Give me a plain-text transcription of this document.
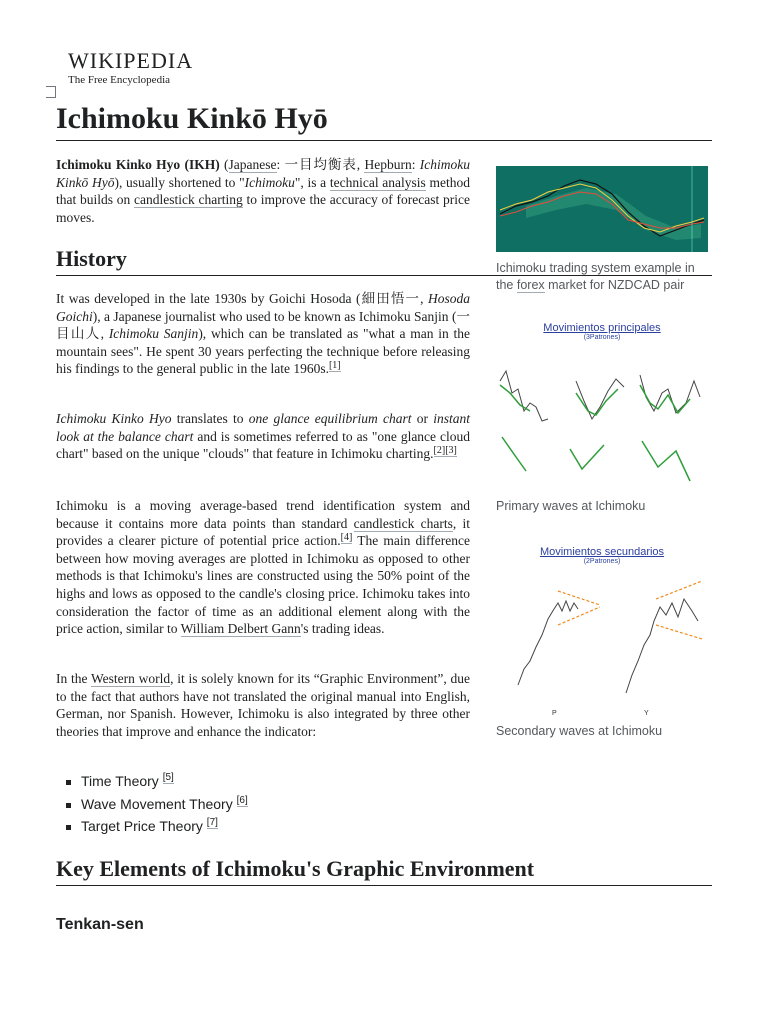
WIKIPEDIA
The Free Encyclopedia
Ichimoku Kinkō Hyō

Ichimoku Kinko Hyo (IKH) (Japanese: 一目均衡表, Hepburn: Ichimoku Kinkō Hyō), usually shortened to "Ichimoku", is a technical analysis method that builds on candlestick charting to improve the accuracy of forecast price moves.

History

It was developed in the late 1930s by Goichi Hosoda (細田悟一, Hosoda Goichi), a Japanese journalist who used to be known as Ichimoku Sanjin (一目山人, Ichimoku Sanjin), which can be translated as "what a man in the mountain sees". He spent 30 years perfecting the technique before releasing his findings to the general public in the late 1960s.[1]

Ichimoku Kinko Hyo translates to one glance equilibrium chart or instant look at the balance chart and is sometimes referred to as "one glance cloud chart" based on the unique "clouds" that feature in Ichimoku charting.[2][3]

Ichimoku is a moving average-based trend identification system and because it contains more data points than standard candlestick charts, it provides a clearer picture of potential price action.[4] The main difference between how moving averages are plotted in Ichimoku as opposed to other methods is that Ichimoku's lines are constructed using the 50% point of the highs and lows as opposed to the candle's closing price. Ichimoku takes into consideration the factor of time as an additional element along with the price action, similar to William Delbert Gann's trading ideas.

In the Western world, it is solely known for its “Graphic Environment”, due to the fact that authors have not translated the original manual into English, German, nor Spanish. However, Ichimoku is also integrated by three other theories that improve and enhance the indicator:

Time Theory [5]
Wave Movement Theory [6]
Target Price Theory [7]
Key Elements of Ichimoku's Graphic Environment
Tenkan-sen
Ichimoku trading system example in the forex market for NZDCAD pair
Movimientos principales
(3Patrones)
Primary waves at Ichimoku
Movimientos secundarios
(2Patrones)
P	Y
Secondary waves at Ichimoku
